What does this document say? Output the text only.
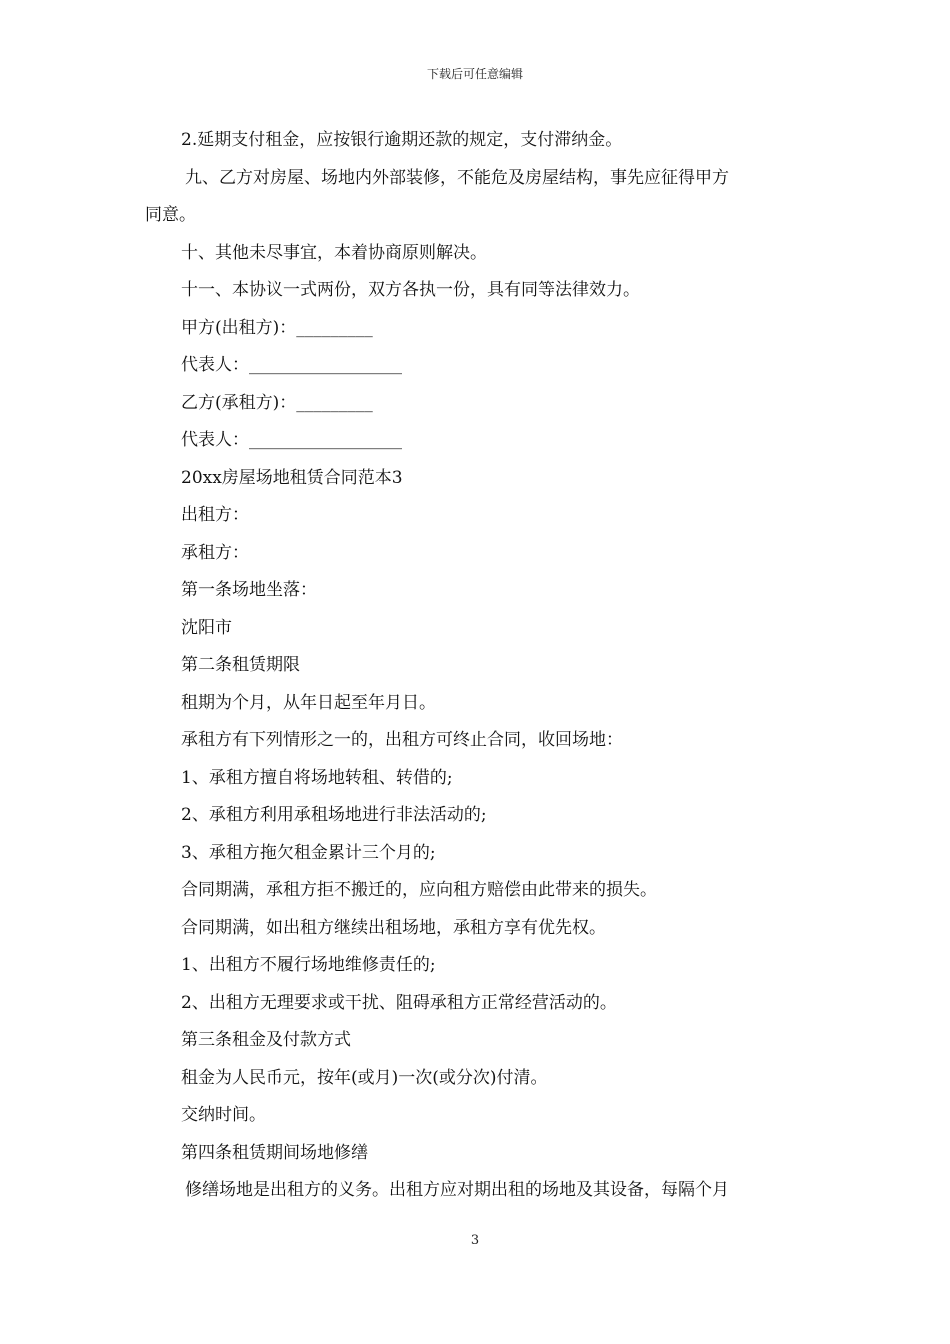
下载后可任意编辑
2.延期支付租金，应按银行逾期还款的规定，支付滞纳金。
九、乙方对房屋、场地内外部装修，不能危及房屋结构，事先应征得甲方
同意。
十、其他未尽事宜，本着协商原则解决。
十一、本协议一式两份，双方各执一份，具有同等法律效力。
甲方(出租方)：_________
代表人：__________________
乙方(承租方)：_________
代表人：__________________
20xx房屋场地租赁合同范本3
出租方：
承租方：
第一条场地坐落：
沈阳市
第二条租赁期限
租期为个月，从年日起至年月日。
承租方有下列情形之一的，出租方可终止合同，收回场地：
1、承租方擅自将场地转租、转借的;
2、承租方利用承租场地进行非法活动的;
3、承租方拖欠租金累计三个月的;
合同期满，承租方拒不搬迁的，应向租方赔偿由此带来的损失。
合同期满，如出租方继续出租场地，承租方享有优先权。
1、出租方不履行场地维修责任的;
2、出租方无理要求或干扰、阻碍承租方正常经营活动的。
第三条租金及付款方式
租金为人民币元，按年(或月)一次(或分次)付清。
交纳时间。
第四条租赁期间场地修缮
修缮场地是出租方的义务。出租方应对期出租的场地及其设备，每隔个月
3
